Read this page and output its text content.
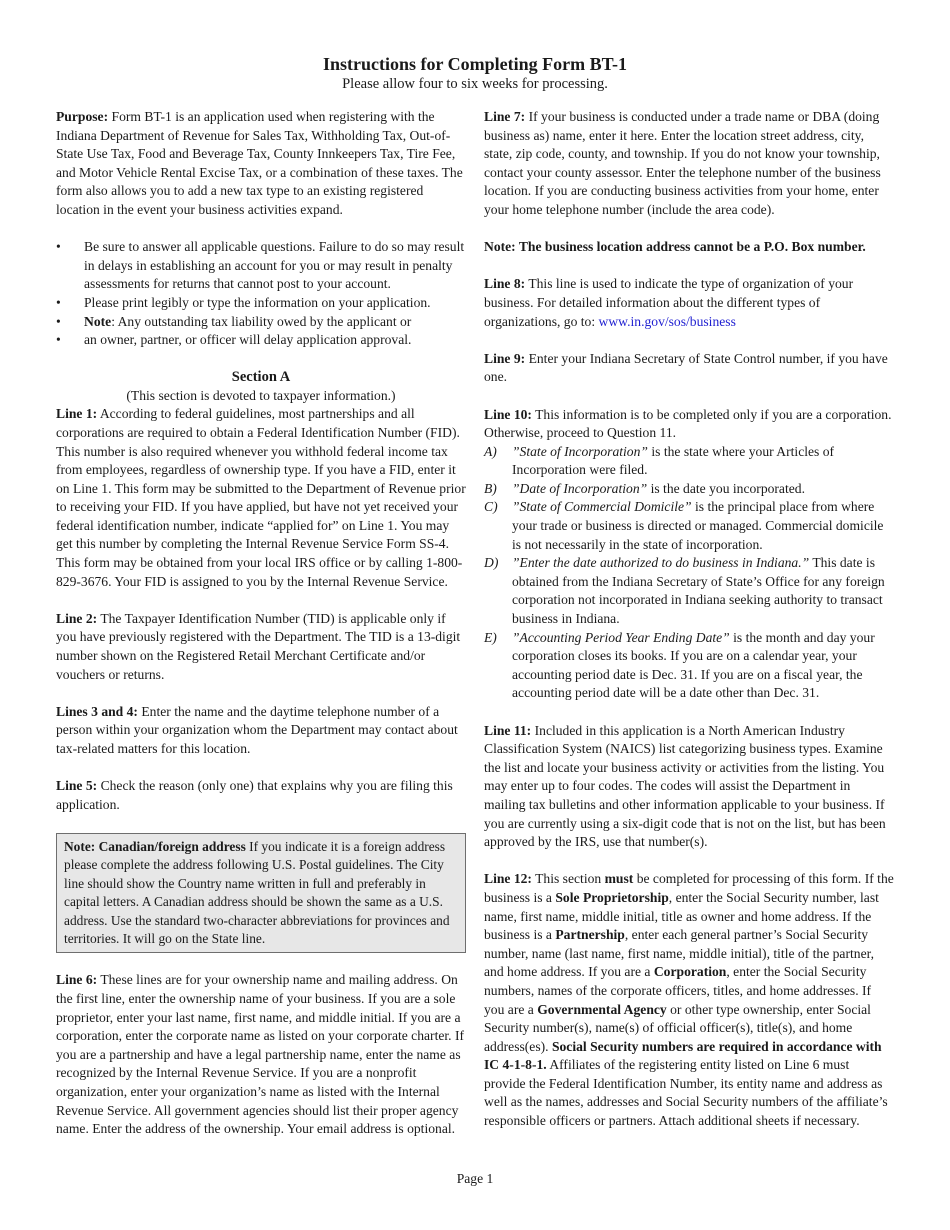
Instructions for Completing Form BT-1
Please allow four to six weeks for processing.

Purpose: Form BT-1 is an application used when registering with the Indiana Department of Revenue for Sales Tax, Withholding Tax, Out-of-State Use Tax, Food and Beverage Tax, County Innkeepers Tax, Tire Fee, and Motor Vehicle Rental Excise Tax, or a combination of these taxes. The form also allows you to add a new tax type to an existing registered location in the event your business activities expand.

• Be sure to answer all applicable questions. Failure to do so may result in delays in establishing an account for you or may result in penalty assessments for returns that cannot post to your account.
• Please print legibly or type the information on your application.
• Note: Any outstanding tax liability owed by the applicant or
• an owner, partner, or officer will delay application approval.
Section A
(This section is devoted to taxpayer information.)

Line 1: According to federal guidelines, most partnerships and all corporations are required to obtain a Federal Identification Number (FID). This number is also required whenever you withhold federal income tax from employees, regardless of ownership type. If you have a FID, enter it on Line 1. This form may be submitted to the Department of Revenue prior to receiving your FID. If you have applied, but have not yet received your federal identification number, indicate “applied for” on Line 1. You may get this number by completing the Internal Revenue Service Form SS-4. This form may be obtained from your local IRS office or by calling 1-800-829-3676. Your FID is assigned to you by the Internal Revenue Service.

Line 2: The Taxpayer Identification Number (TID) is applicable only if you have previously registered with the Department. The TID is a 13-digit number shown on the Registered Retail Merchant Certificate and/or vouchers or returns.

Lines 3 and 4: Enter the name and the daytime telephone number of a person within your organization whom the Department may contact about tax-related matters for this location.

Line 5: Check the reason (only one) that explains why you are filing this application.

Note: Canadian/foreign address If you indicate it is a foreign address please complete the address following U.S. Postal guidelines. The City line should show the Country name written in full and preferably in capital letters. A Canadian address should be shown the same as a U.S. address. Use the standard two-character abbreviations for provinces and territories. It will go on the State line.

Line 6: These lines are for your ownership name and mailing address. On the first line, enter the ownership name of your business. If you are a sole proprietor, enter your last name, first name, and middle initial. If you are a corporation, enter the corporate name as listed on your corporate charter. If you are a partnership and have a legal partnership name, enter the name as recognized by the Internal Revenue Service. If you are a nonprofit organization, enter your organization’s name as listed with the Internal Revenue Service. All government agencies should list their proper agency name. Enter the address of the ownership. Your email address is optional.

Line 7: If your business is conducted under a trade name or DBA (doing business as) name, enter it here. Enter the location street address, city, state, zip code, county, and township. If you do not know your township, contact your county assessor. Enter the telephone number of the business location. If you are conducting business activities from your home, enter your home telephone number (include the area code).

Note: The business location address cannot be a P.O. Box number.

Line 8: This line is used to indicate the type of organization of your business. For detailed information about the different types of organizations, go to: www.in.gov/sos/business

Line 9: Enter your Indiana Secretary of State Control number, if you have one.

Line 10: This information is to be completed only if you are a corporation. Otherwise, proceed to Question 11.

A) ”State of Incorporation” is the state where your Articles of Incorporation were filed.
B) ”Date of Incorporation” is the date you incorporated.
C) ”State of Commercial Domicile” is the principal place from where your trade or business is directed or managed. Commercial domicile is not necessarily in the state of incorporation.
D) ”Enter the date authorized to do business in Indiana.” This date is obtained from the Indiana Secretary of State’s Office for any foreign corporation not incorporated in Indiana seeking authority to transact business in Indiana.
E) ”Accounting Period Year Ending Date” is the month and day your corporation closes its books. If you are on a calendar year, your accounting period date is Dec. 31. If you are on a fiscal year, the accounting period date will be a date other than Dec. 31.

Line 11: Included in this application is a North American Industry Classification System (NAICS) list categorizing business types. Examine the list and locate your business activity or activities from the listing. You may enter up to four codes. The codes will assist the Department in mailing tax bulletins and other information applicable to your business. If you are currently using a six-digit code that is not on the list, but has been approved by the IRS, use that number(s).

Line 12: This section must be completed for processing of this form. If the business is a Sole Proprietorship, enter the Social Security number, last name, first name, middle initial, title as owner and home address. If the business is a Partnership, enter each general partner’s Social Security number, name (last name, first name, middle initial), title of the partner, and home address. If you are a Corporation, enter the Social Security numbers, names of the corporate officers, titles, and home addresses. If you are a Governmental Agency or other type ownership, enter Social Security number(s), name(s) of official officer(s), title(s), and home address(es). Social Security numbers are required in accordance with IC 4-1-8-1. Affiliates of the registering entity listed on Line 6 must provide the Federal Identification Number, its entity name and address as well as the names, addresses and Social Security numbers of the affiliate’s responsible officers or partners. Attach additional sheets if necessary.

Page 1
